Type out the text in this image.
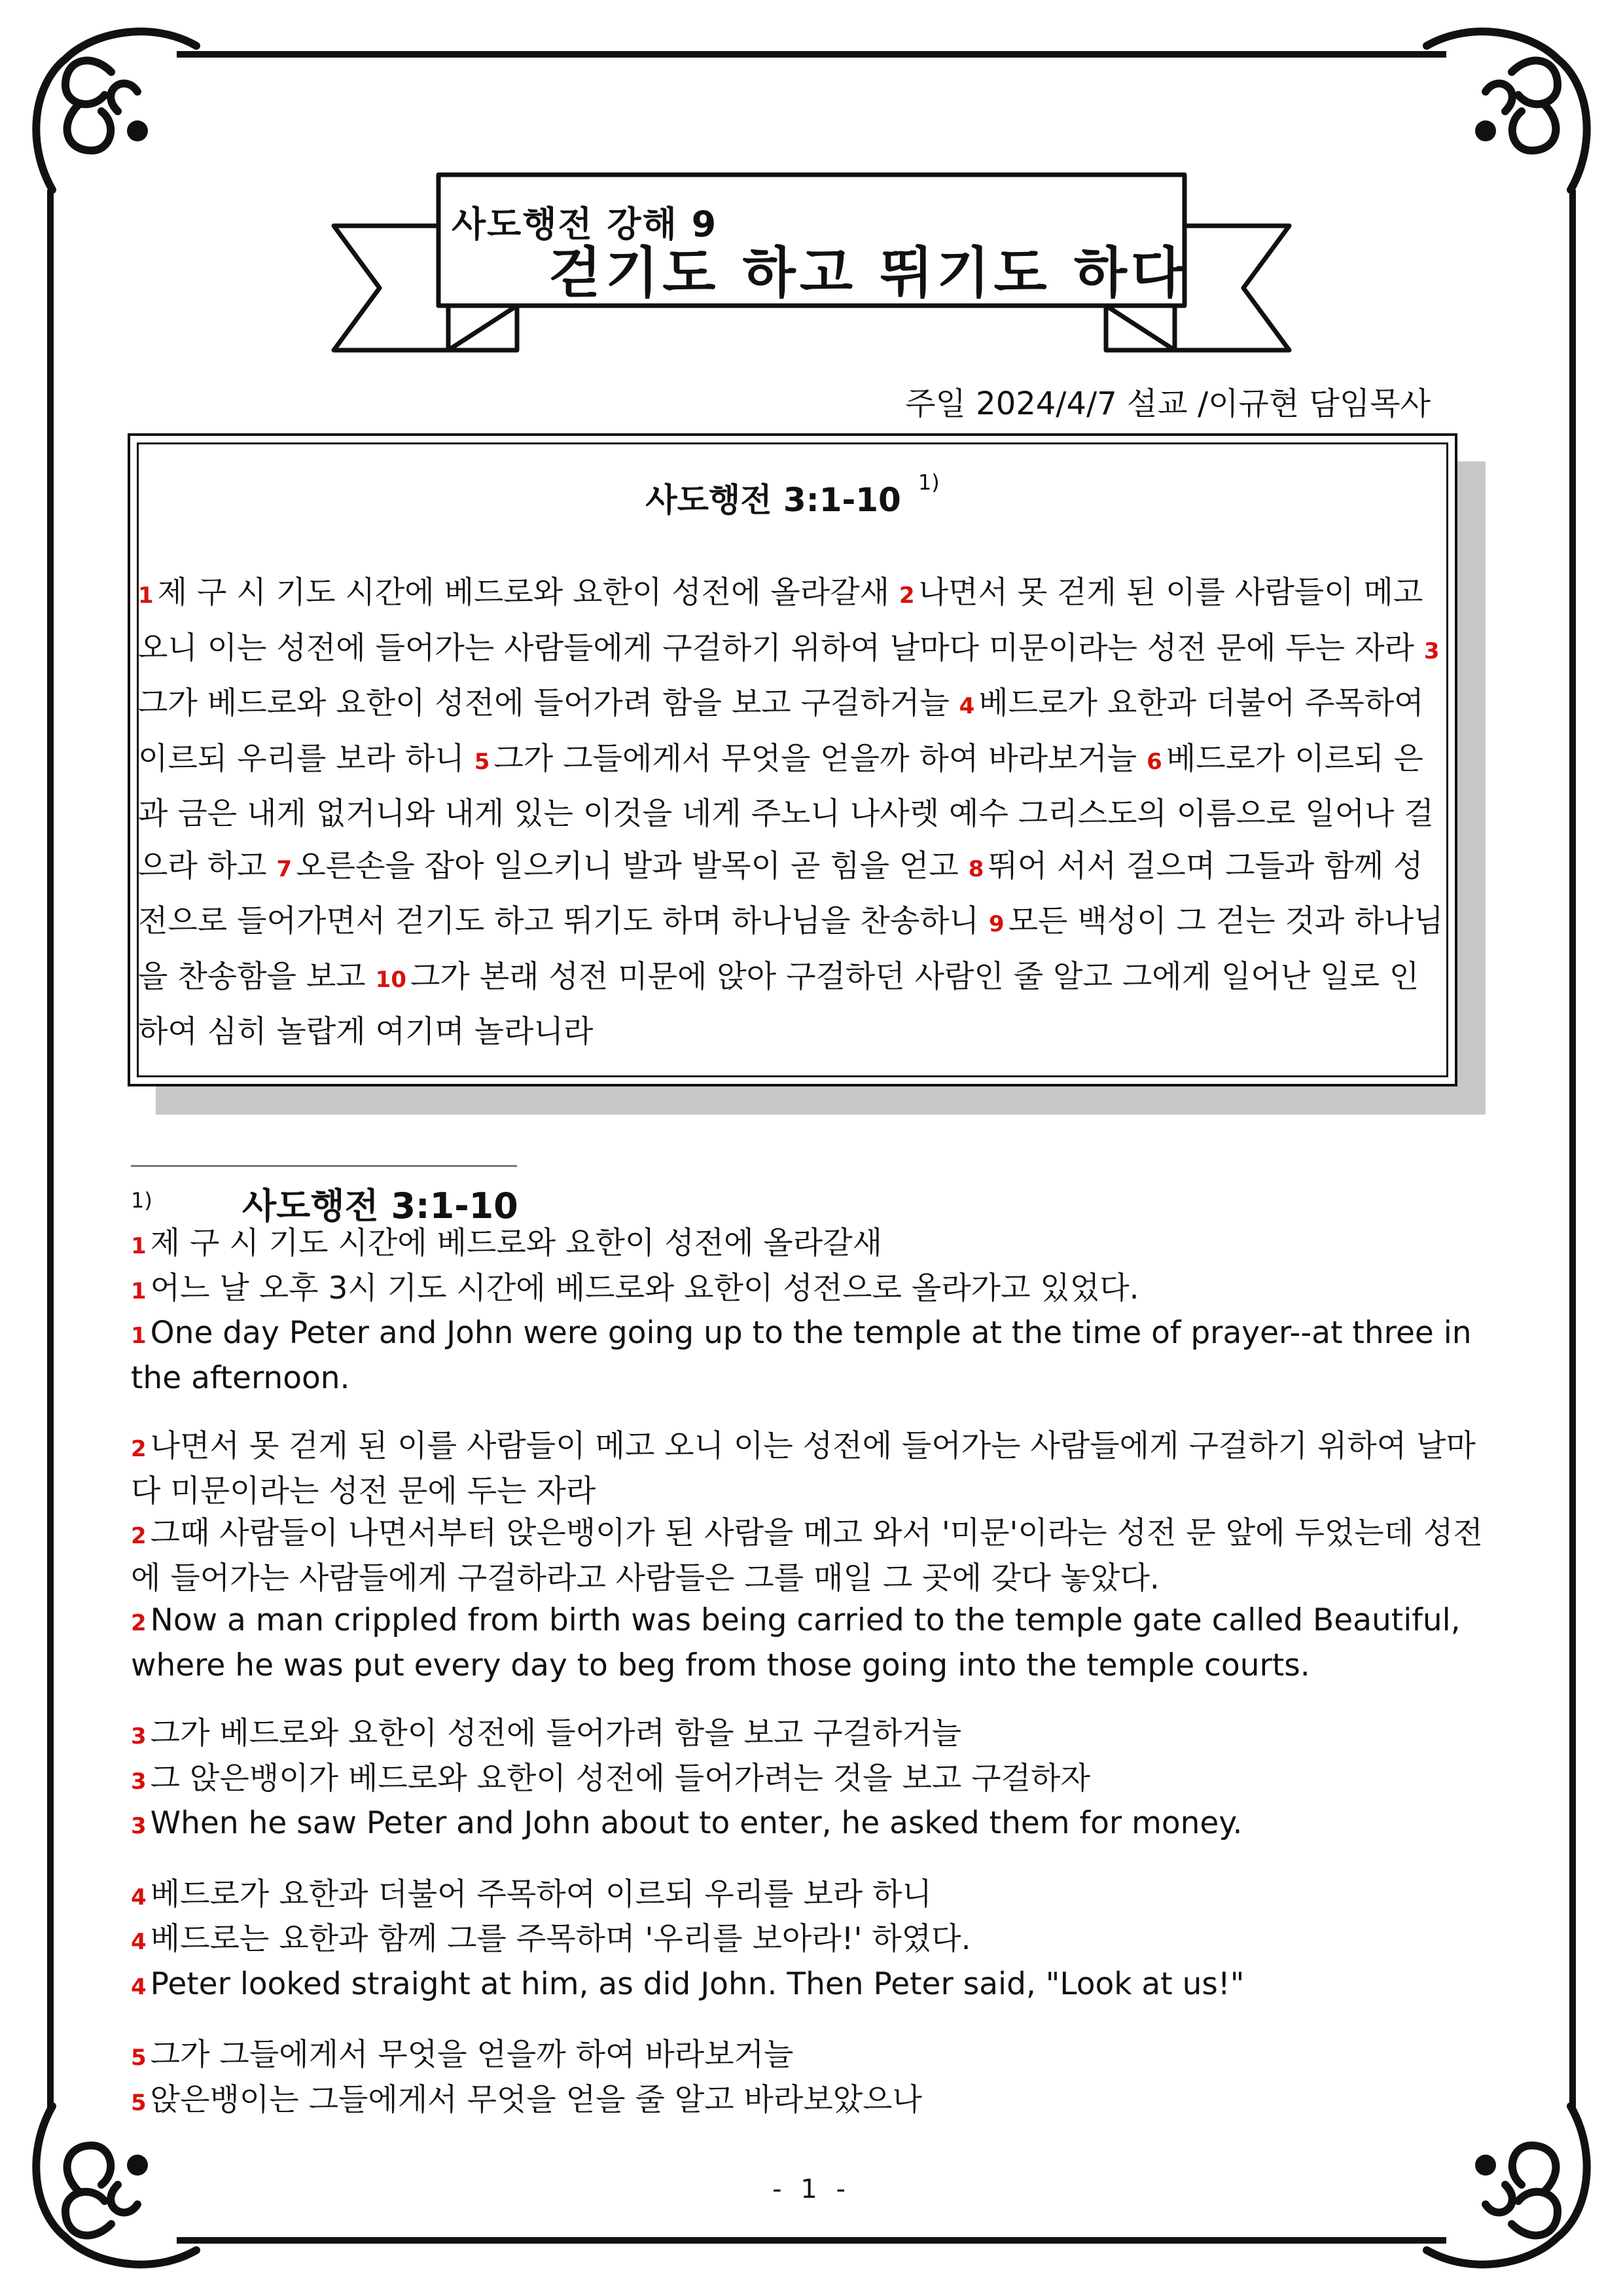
사도행전 강해 9
걷기도 하고 뛰기도 하다
주일 2024/4/7 설교 /이규현 담임목사
사도행전 3:1-10 $^{1)}$
1 제 구 시 기도 시간에 베드로와 요한이 성전에 올라갈새 2 나면서 못 걷게 된 이를 사람들이 메고 오니 이는 성전에 들어가는 사람들에게 구걸하기 위하여 날마다 미문이라는 성전 문에 두는 자라 3그가 베드로와 요한이 성전에 들어가려 함을 보고 구걸하거늘 4 베드로가 요한과 더불어 주목하여 이르되 우리를 보라 하니 5 그가 그들에게서 무엇을 얻을까 하여 바라보거늘 6 베드로가 이르되 은과 금은 내게 없거니와 내게 있는 이것을 네게 주노니 나사렛 예수 그리스도의 이름으로 일어나 걸으라 하고 7 오른손을 잡아 일으키니 발과 발목이 곧 힘을 얻고 8 뛰어 서서 걸으며 그들과 함께 성전으로 들어가면서 걷기도 하고 뛰기도 하며 하나님을 찬송하니 9 모든 백성이 그 걷는 것과 하나님을 찬송함을 보고 10 그가 본래 성전 미문에 앉아 구걸하던 사람인 줄 알고 그에게 일어난 일로 인하여 심히 놀랍게 여기며 놀라니라
1)	사도행전 3:1-10

1 제 구 시 기도 시간에 베드로와 요한이 성전에 올라갈새

1 어느 날 오후 3시 기도 시간에 베드로와 요한이 성전으로 올라가고 있었다.

1 One day Peter and John were going up to the temple at the time of prayer--at three in the afternoon.

2 나면서 못 걷게 된 이를 사람들이 메고 오니 이는 성전에 들어가는 사람들에게 구걸하기 위하여 날마다 미문이라는 성전 문에 두는 자라

2 그때 사람들이 나면서부터 앉은뱅이가 된 사람을 메고 와서 '미문'이라는 성전 문 앞에 두었는데 성전에 들어가는 사람들에게 구걸하라고 사람들은 그를 매일 그 곳에 갖다 놓았다.

2 Now a man crippled from birth was being carried to the temple gate called Beautiful, where he was put every day to beg from those going into the temple courts.

3 그가 베드로와 요한이 성전에 들어가려 함을 보고 구걸하거늘

3 그 앉은뱅이가 베드로와 요한이 성전에 들어가려는 것을 보고 구걸하자

3 When he saw Peter and John about to enter, he asked them for money.

4 베드로가 요한과 더불어 주목하여 이르되 우리를 보라 하니

4 베드로는 요한과 함께 그를 주목하며 '우리를 보아라!' 하였다.

4 Peter looked straight at him, as did John. Then Peter said, "Look at us!"

5 그가 그들에게서 무엇을 얻을까 하여 바라보거늘

5 앉은뱅이는 그들에게서 무엇을 얻을 줄 알고 바라보았으나

- 1 -
